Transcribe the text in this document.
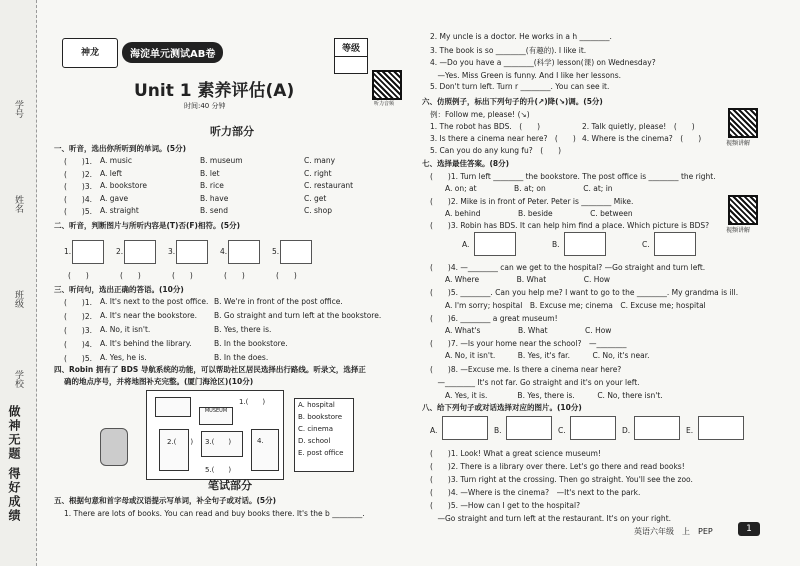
学号
姓名
班级
学校
做神无题 得好成绩
神龙	海淀单元测试AB卷	等级
听力音频
Unit 1 素养评估(A)
时间:40 分钟
听力部分
一、听音，选出你所听到的单词。(5分)
(　　)1. A. music	B. museum	C. many
(　　)2. A. left	B. let	C. right
(　　)3. A. bookstore	B. rice	C. restaurant
(　　)4. A. gave	B. have	C. get
(　　)5. A. straight	B. send	C. shop
二、听音，判断图片与所听内容是(T)否(F)相符。(5分)
1.
(　　)
2.
(　　)
3.
(　　)
4.
(　　)
5.
(　　)
三、听问句，选出正确的答语。(10分)
(　　)1. A. It's next to the post office. B. We're in front of the post office.
(　　)2. A. It's near the bookstore. B. Go straight and turn left at the bookstore.
(　　)3. A. No, it isn't.	B. Yes, there is.
(　　)4. A. It's behind the library.	B. In the bookstore.
(　　)5. A. Yes, he is.	B. In the does.
四、Robin 拥有了 BDS 导航系统的功能，可以帮助社区居民选择出行路线。听录文，选择正
确的地点序号，并将地图补充完整。(厦门海沧区)(10分)
MUSEUM
1.(　　)
2.(　　) 3.(　　)	4.
5.(　　)
A. hospital
B. bookstore
C. cinema
D. school
E. post office
笔试部分
五、根据句意和首字母或汉语提示写单词，补全句子或对话。(5分)
1. There are lots of books. You can read and buy books there. It's the b ________.
2. My uncle is a doctor. He works in a h ________.
3. The book is so ________(有趣的). I like it.
4. —Do you have a ________(科学) lesson(课) on Wednesday?
　—Yes. Miss Green is funny. And I like her lessons.
5. Don't turn left. Turn r ________. You can see it.
六、仿照例子，标出下列句子的升(↗)降(↘)调。(5分)
例：Follow me, please! (↘)
1. The robot has BDS.　(　　)	2. Talk quietly, please!　(　　)
3. Is there a cinema near here?　(　　) 4. Where is the cinema?　(　　)
5. Can you do any kung fu?　(　　)
视频讲解
视频讲解
七、选择最佳答案。(8分)
(　　)1. Turn left ________ the bookstore. The post office is ________ the right.
　　A. on; at　　　　　B. at; on　　　　　C. at; in
(　　)2. Mike is in front of Peter. Peter is ________ Mike.
　　A. behind　　　　　B. beside　　　　　C. between
(　　)3. Robin has BDS. It can help him find a place. Which picture is BDS?
(　　)4. —________ can we get to the hospital? —Go straight and turn left.
　　A. Where　　　　　B. What　　　　　C. How
(　　)5. ________. Can you help me? I want to go to the ________. My grandma is ill.
　　A. I'm sorry; hospital　B. Excuse me; cinema　C. Excuse me; hospital
(　　)6. ________ a great museum!
　　A. What's　　　　　B. What　　　　　C. How
(　　)7. —Is your home near the school?　—________
　　A. No, it isn't.　　　B. Yes, it's far.　　　C. No, it's near.
(　　)8. —Excuse me. Is there a cinema near here?
　—________ It's not far. Go straight and it's on your left.
　　A. Yes, it is.　　　　B. Yes, there is.　　　C. No, there isn't.
A.	B.	C.
八、给下列句子或对话选择对应的图片。(10分)
A.	B.	C.	D.	E.
(　　)1. Look! What a great science museum!
(　　)2. There is a library over there. Let's go there and read books!
(　　)3. Turn right at the crossing. Then go straight. You'll see the zoo.
(　　)4. —Where is the cinema?　—It's next to the park.
(　　)5. —How can I get to the hospital?
　—Go straight and turn left at the restaurant. It's on your right.
英语六年级　上　PEP	1
